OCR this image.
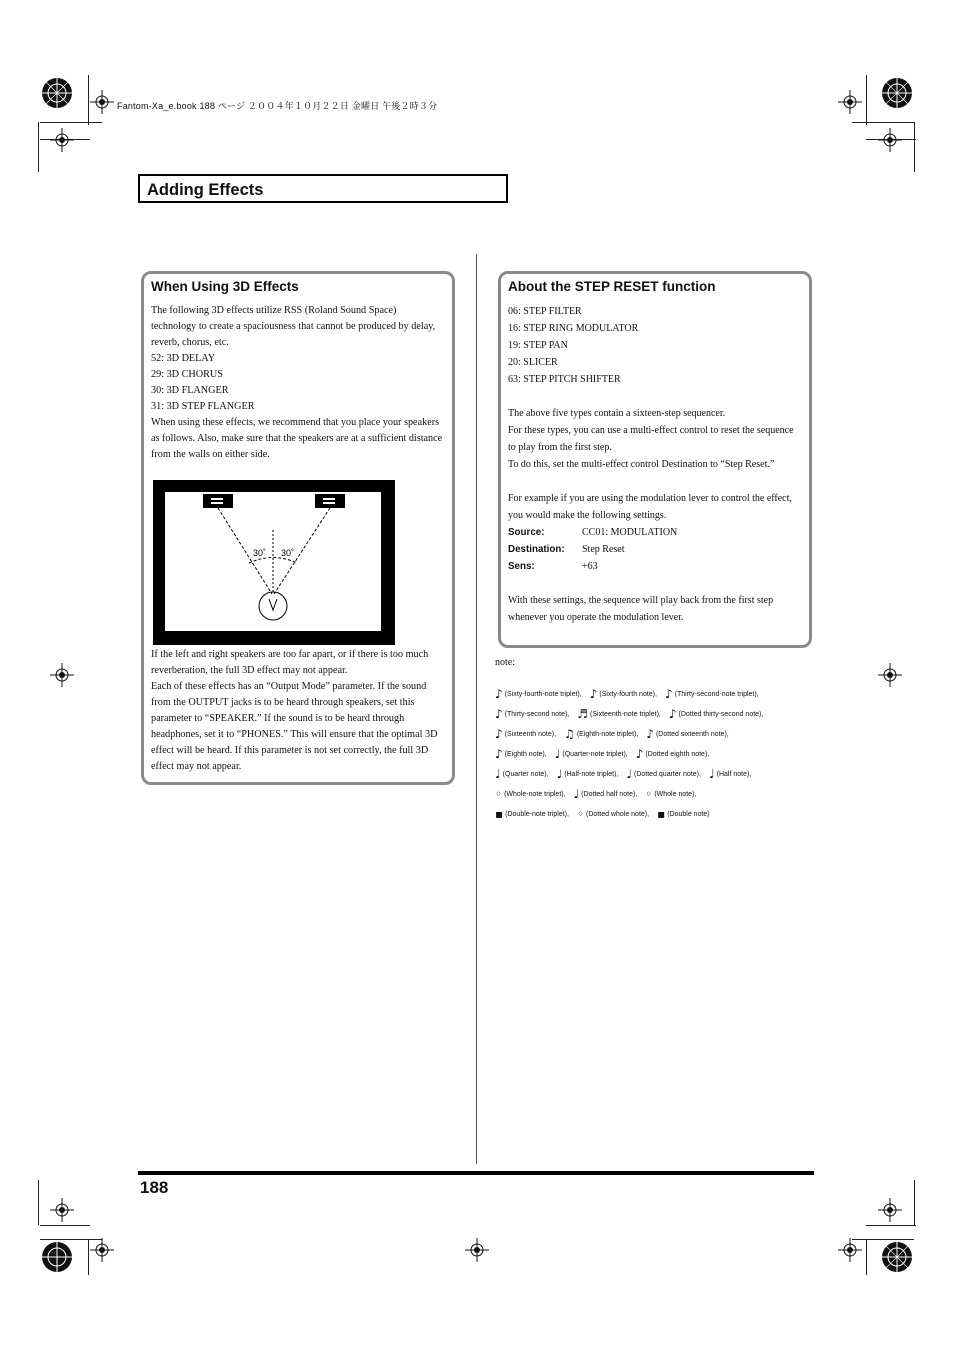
Fantom-Xa_e.book 188 ページ ２００４年１０月２２日 金曜日 午後２時３分
Adding Effects
When Using 3D Effects

The following 3D effects utilize RSS (Roland Sound Space) technology to create a spaciousness that cannot be produced by delay, reverb, chorus, etc.

52: 3D DELAY

29: 3D CHORUS

30: 3D FLANGER

31: 3D STEP FLANGER

When using these effects, we recommend that you place your speakers as follows. Also, make sure that the speakers are at a sufficient distance from the walls on either side.

30˚ 30˚

If the left and right speakers are too far apart, or if there is too much reverberation, the full 3D effect may not appear.

Each of these effects has an “Output Mode” parameter. If the sound from the OUTPUT jacks is to be heard through speakers, set this parameter to “SPEAKER.” If the sound is to be heard through headphones, set it to “PHONES.” This will ensure that the optimal 3D effect will be heard. If this parameter is not set correctly, the full 3D effect may not appear.

About the STEP RESET function

06: STEP FILTER

16: STEP RING MODULATOR

19: STEP PAN

20: SLICER

63: STEP PITCH SHIFTER

The above five types contain a sixteen-step sequencer.

For these types, you can use a multi-effect control to reset the sequence to play from the first step.

To do this, set the multi-effect control Destination to “Step Reset.”

For example if you are using the modulation lever to control the effect, you would make the following settings.

Source:	CC01: MODULATION
Destination:	Step Reset
Sens:	+63

With these settings, the sequence will play back from the first step whenever you operate the modulation lever.

note:
♪ (Sixty-fourth-note triplet), ♪ (Sixty-fourth note), ♪ (Thirty-second-note triplet),
♪ (Thirty-second note), ♬ (Sixteenth-note triplet), ♪ (Dotted thirty-second note),
♪ (Sixteenth note), ♫ (Eighth-note triplet), ♪ (Dotted sixteenth note),
♪ (Eighth note), ♩ (Quarter-note triplet), ♪ (Dotted eighth note),
♩ (Quarter note), ♩ (Half-note triplet), ♩ (Dotted quarter note), ♩ (Half note),
◦ (Whole-note triplet), ♩ (Dotted half note), ◦ (Whole note),
▪ (Double-note triplet), ◦ (Dotted whole note), ▪ (Double note)
188
